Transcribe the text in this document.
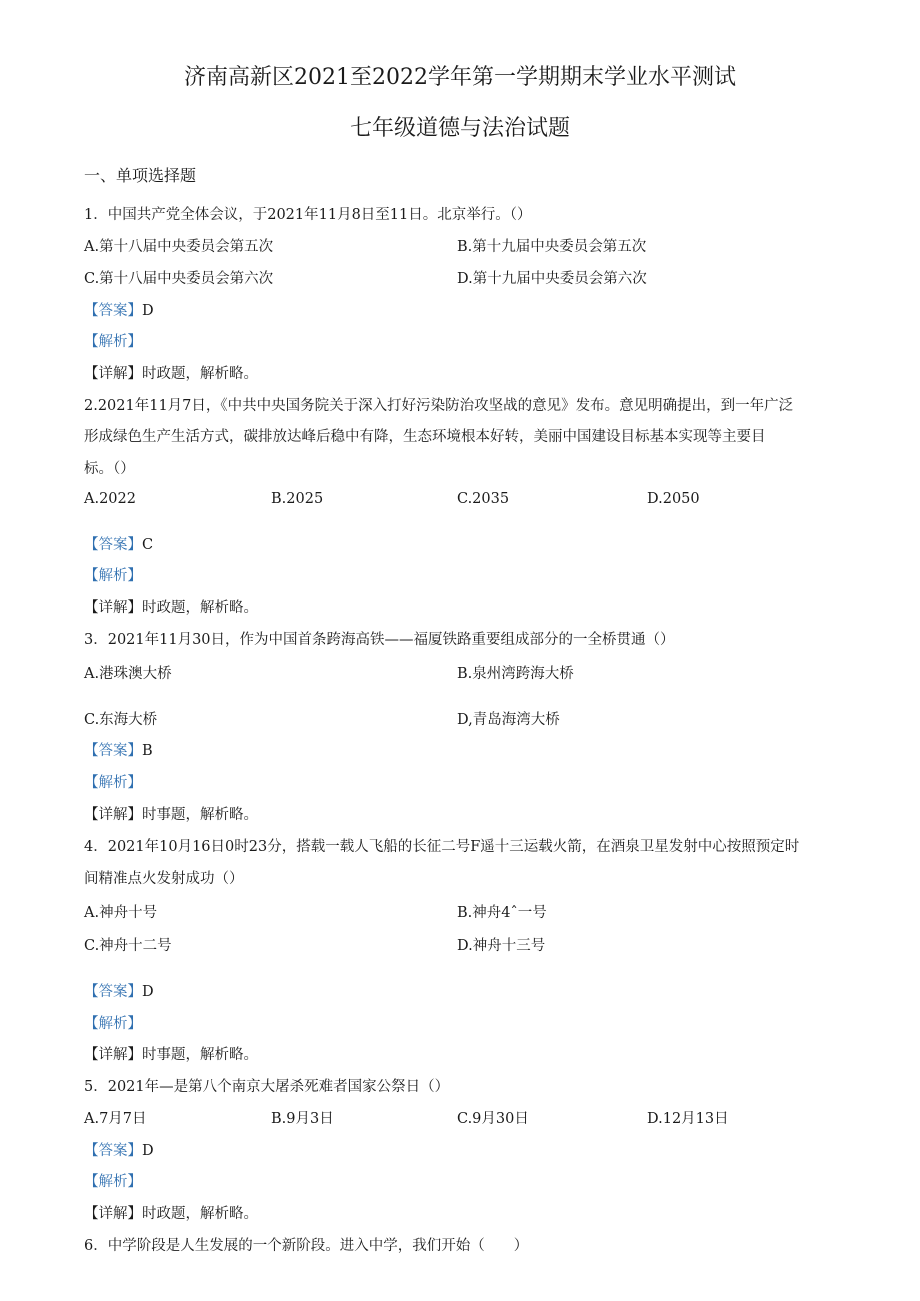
济南高新区2021至2022学年第一学期期末学业水平测试
七年级道德与法治试题
一、单项选择题
1．中国共产党全体会议，于2021年11月8日至11日。北京举行。（）
A.第十八届中央委员会第五次	B.第十九届中央委员会第五次
C.第十八届中央委员会第六次	D.第十九届中央委员会第六次
【答案】D
【解析】
【详解】时政题，解析略。
2.2021年11月7日，《中共中央国务院关于深入打好污染防治攻坚战的意见》发布。意见明确提出，到一年广泛
形成绿色生产生活方式，碳排放达峰后稳中有降，生态环境根本好转，美丽中国建设目标基本实现等主要目
标。（）
A.2022	B.2025	C.2035	D.2050
【答案】C
【解析】
【详解】时政题，解析略。
3．2021年11月30日，作为中国首条跨海高铁——福厦铁路重要组成部分的一全桥贯通（）
A.港珠澳大桥	B.泉州湾跨海大桥
C.东海大桥	D,青岛海湾大桥
【答案】B
【解析】
【详解】时事题，解析略。
4．2021年10月16日0时23分，搭载一载人飞船的长征二号F遥十三运载火箭，在酒泉卫星发射中心按照预定时
间精准点火发射成功（）
A.神舟十号	B.神舟4ˆ一号
C.神舟十二号	D.神舟十三号
【答案】D
【解析】
【详解】时事题，解析略。
5．2021年—是第八个南京大屠杀死难者国家公祭日（）
A.7月7日	B.9月3日	C.9月30日	D.12月13日
【答案】D
【解析】
【详解】时政题，解析略。
6．中学阶段是人生发展的一个新阶段。进入中学，我们开始（　　）
